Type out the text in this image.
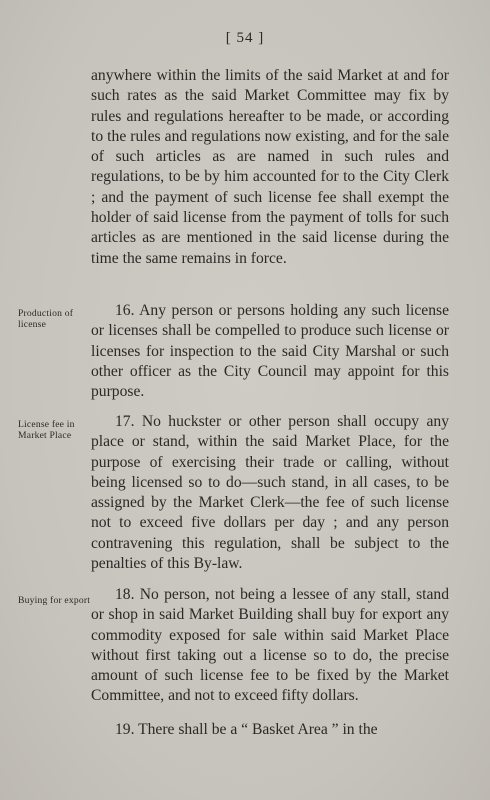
[ 54 ]
anywhere within the limits of the said Market at and for such rates as the said Market Committee may fix by rules and regulations hereafter to be made, or according to the rules and regulations now existing, and for the sale of such articles as are named in such rules and regulations, to be by him accounted for to the City Clerk ; and the payment of such license fee shall exempt the holder of said license from the payment of tolls for such articles as are mentioned in the said license during the time the same remains in force.
Production of license
16. Any person or persons holding any such license or licenses shall be compelled to produce such license or licenses for inspection to the said City Marshal or such other officer as the City Council may appoint for this purpose.
License fee in Market Place
17. No huckster or other person shall occupy any place or stand, within the said Market Place, for the purpose of exercising their trade or calling, without being licensed so to do—such stand, in all cases, to be assigned by the Market Clerk—the fee of such license not to exceed five dollars per day ; and any person contravening this regulation, shall be subject to the penalties of this By-law.
Buying for export	18. No person, not being a lessee of any stall, stand or shop in said Market Building shall buy for export any commodity exposed for sale within said Market Place without first taking out a license so to do, the precise amount of such license fee to be fixed by the Market Committee, and not to exceed fifty dollars.
19. There shall be a “ Basket Area ” in the
